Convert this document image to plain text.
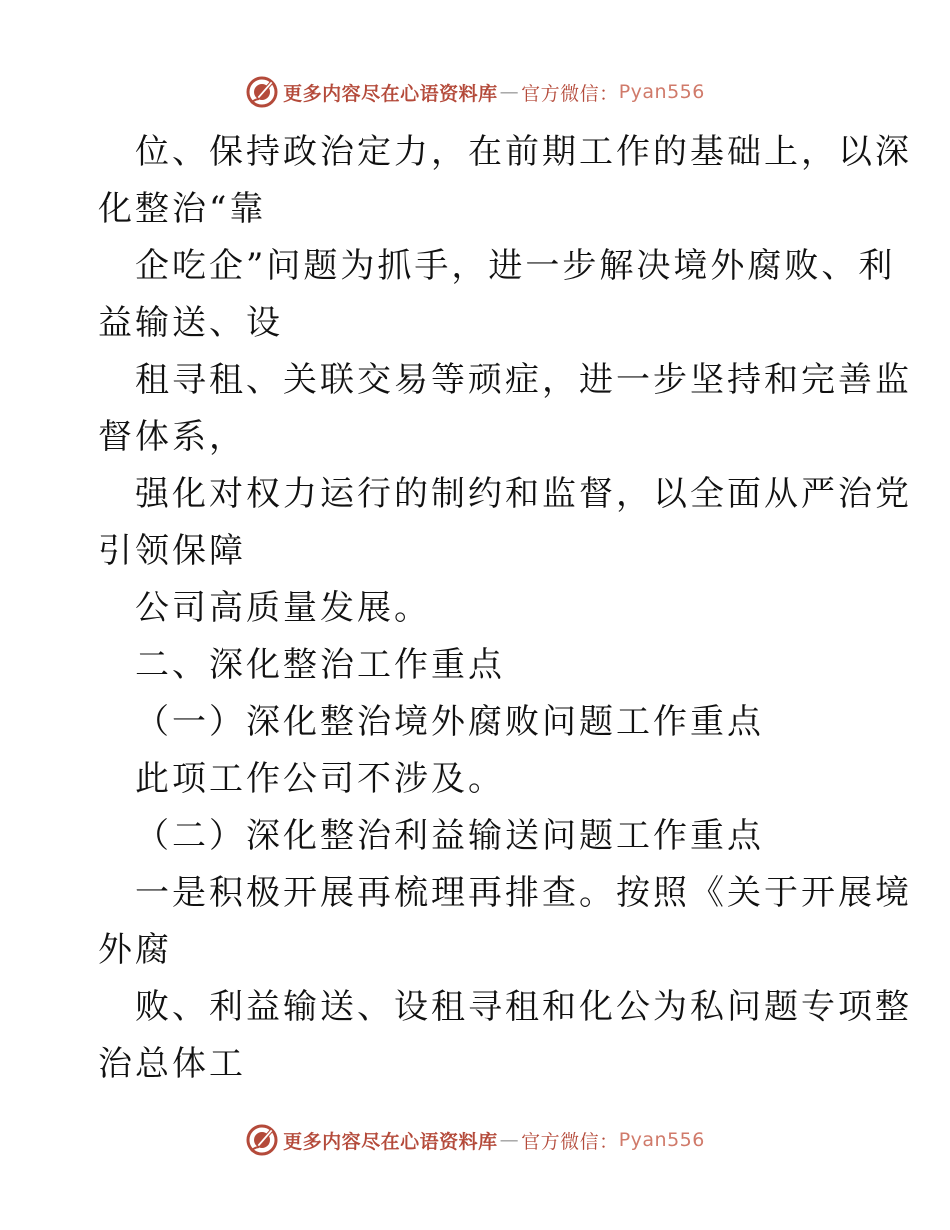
更多内容尽在心语资料库 — 官方微信： Pyan556
位、保持政治定力，在前期工作的基础上，以深
化整治“靠
企吃企”问题为抓手，进一步解决境外腐败、利
益输送、设
租寻租、关联交易等顽症，进一步坚持和完善监
督体系，
强化对权力运行的制约和监督，以全面从严治党
引领保障
公司高质量发展。
二、深化整治工作重点
（一）深化整治境外腐败问题工作重点
此项工作公司不涉及。
（二）深化整治利益输送问题工作重点
一是积极开展再梳理再排查。按照《关于开展境
外腐
败、利益输送、设租寻租和化公为私问题专项整
治总体工
更多内容尽在心语资料库 — 官方微信： Pyan556
